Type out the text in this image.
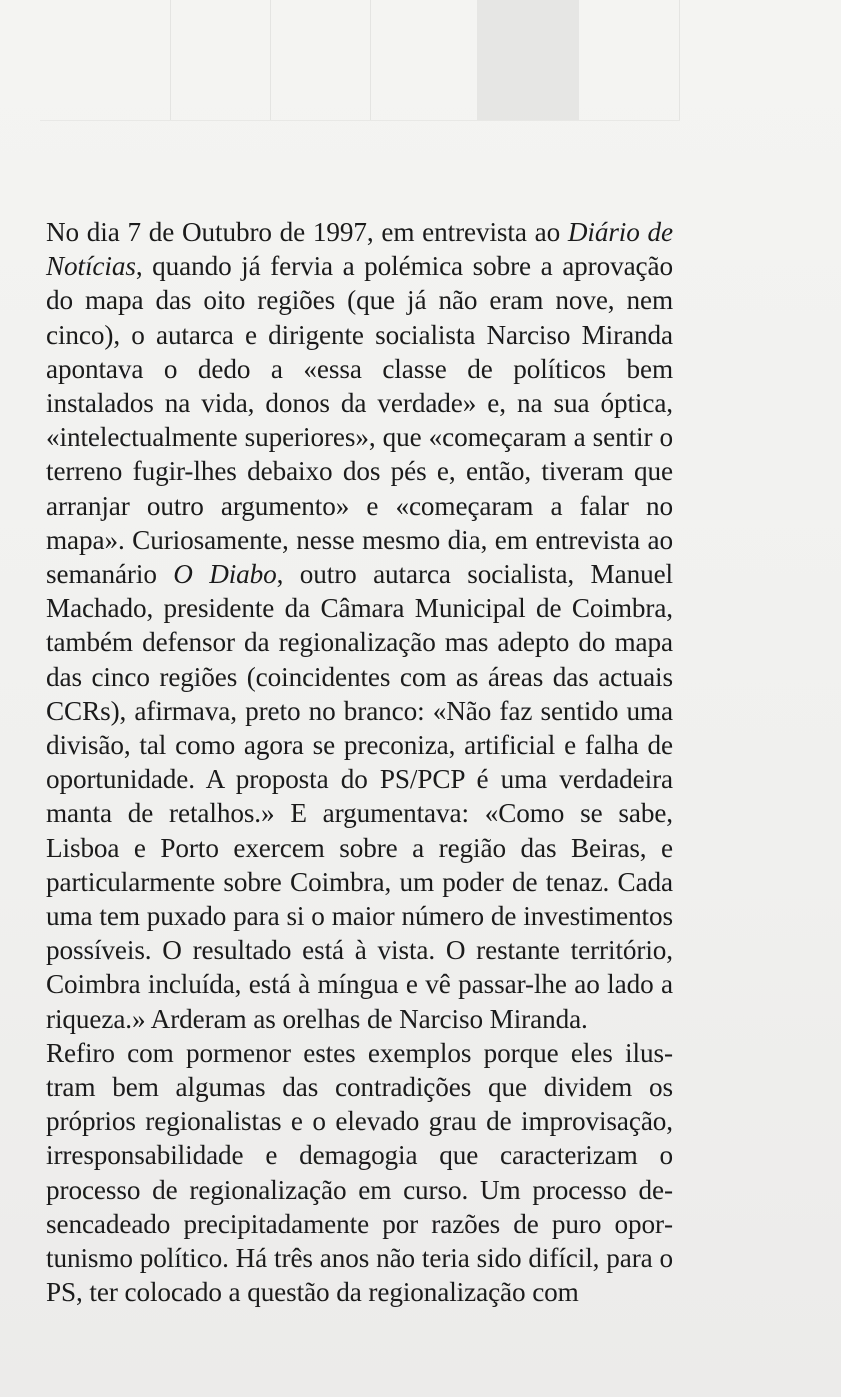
No dia 7 de Outubro de 1997, em entrevista ao Diário de Notícias, quando já fervia a polémica sobre a aprovação do mapa das oito regiões (que já não eram nove, nem cinco), o autarca e dirigente socialista Narciso Miranda apontava o dedo a «essa classe de políticos bem instalados na vida, donos da verdade» e, na sua óptica, «intelectualmente superiores», que «começaram a sentir o terreno fugir-lhes debaixo dos pés e, então, tiveram que arranjar outro argumento» e «começaram a falar no mapa». Curiosamente, nesse mesmo dia, em entrevista ao semanário O Diabo, outro autarca socialista, Manuel Machado, presidente da Câmara Municipal de Coimbra, também defensor da regionalização mas adepto do mapa das cinco regiões (coincidentes com as áreas das actuais CCRs), afirmava, preto no branco: «Não faz sentido uma divisão, tal como agora se preconiza, artificial e falha de oportunidade. A proposta do PS/PCP é uma verdadeira manta de retalhos.» E argumentava: «Como se sabe, Lisboa e Porto exercem sobre a região das Beiras, e particularmente sobre Coimbra, um poder de tenaz. Cada uma tem puxado para si o maior número de investimentos possíveis. O resultado está à vista. O restante território, Coimbra incluída, está à míngua e vê passar-lhe ao lado a riqueza.» Arderam as orelhas de Narciso Miranda.

Refiro com pormenor estes exemplos porque eles ilustram bem algumas das contradições que dividem os próprios regionalistas e o elevado grau de improvisação, irresponsabilidade e demagogia que caracterizam o processo de regionalização em curso. Um processo desencadeado precipitadamente por razões de puro oportunismo político. Há três anos não teria sido difícil, para o PS, ter colocado a questão da regionalização com
